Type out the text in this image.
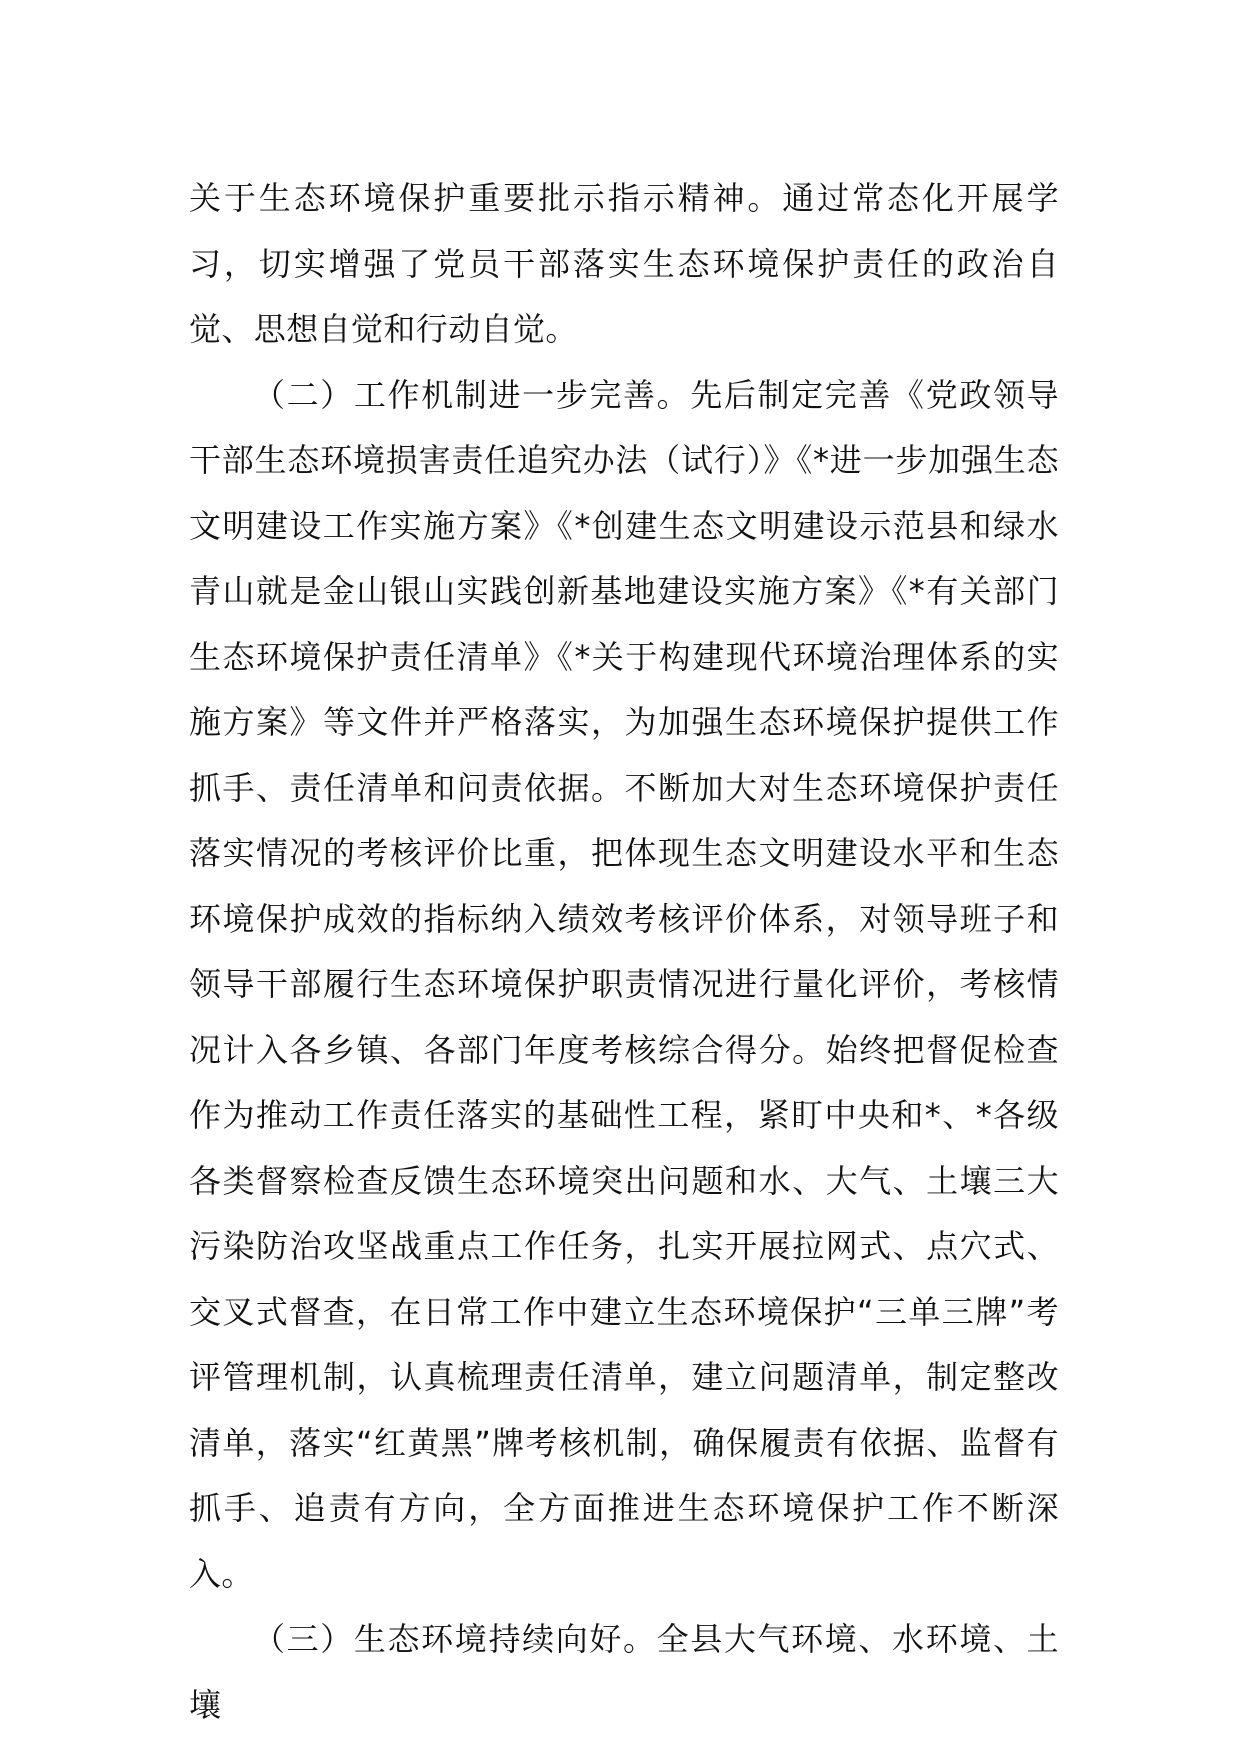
关于生态环境保护重要批示指示精神。通过常态化开展学习，切实增强了党员干部落实生态环境保护责任的政治自觉、思想自觉和行动自觉。

（二）工作机制进一步完善。先后制定完善《党政领导干部生态环境损害责任追究办法（试行）》《*进一步加强生态文明建设工作实施方案》《*创建生态文明建设示范县和绿水青山就是金山银山实践创新基地建设实施方案》《*有关部门生态环境保护责任清单》《*关于构建现代环境治理体系的实施方案》等文件并严格落实，为加强生态环境保护提供工作抓手、责任清单和问责依据。不断加大对生态环境保护责任落实情况的考核评价比重，把体现生态文明建设水平和生态环境保护成效的指标纳入绩效考核评价体系，对领导班子和领导干部履行生态环境保护职责情况进行量化评价，考核情况计入各乡镇、各部门年度考核综合得分。始终把督促检查作为推动工作责任落实的基础性工程，紧盯中央和*、*各级各类督察检查反馈生态环境突出问题和水、大气、土壤三大污染防治攻坚战重点工作任务，扎实开展拉网式、点穴式、交叉式督查，在日常工作中建立生态环境保护“三单三牌”考评管理机制，认真梳理责任清单，建立问题清单，制定整改清单，落实“红黄黑”牌考核机制，确保履责有依据、监督有抓手、追责有方向，全方面推进生态环境保护工作不断深入。

（三）生态环境持续向好。全县大气环境、水环境、土壤
